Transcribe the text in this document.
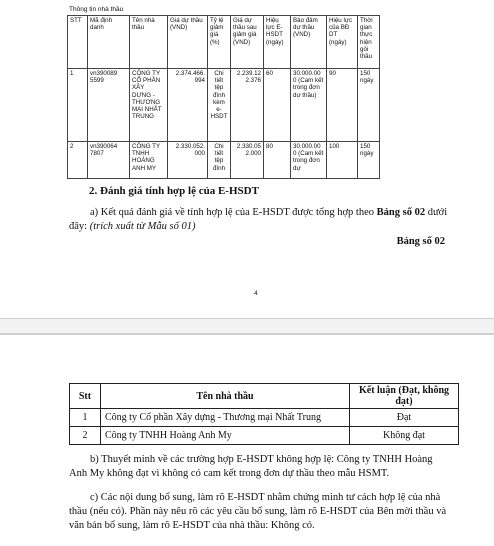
Thông tin nhà thầu
STT	Mã định danh	Tên nhà thầu	Giá dự thầu (VND)	Tỷ lệ giảm giá (%)	Giá dự thầu sau giảm giá (VND)	Hiệu lực E-HSDT (ngày)	Bảo đảm dự thầu (VND)	Hiệu lực của BĐ DT (ngày)	Thời gian thực hiện gói thầu
1	vn390089 5599	CÔNG TY CỔ PHẦN XÂY DỰNG - THƯƠNG MẠI NHẤT TRUNG	2.374.466. 994	Chi tiết tệp đính kèm e-HSDT	2.239.12 2.376	60	30.000.00 0 (Cam kết trong đơn dự thầu)	90	150 ngày
2	vn390064 7807	CÔNG TY TNHH HOÀNG ANH MY	2.330.052. 000	Chi tiết tệp đính	2.330.05 2.000	80	30.000.00 0 (Cam kết trong đơn dự	100	150 ngày
2. Đánh giá tính hợp lệ của E-HSDT
a) Kết quả đánh giá về tính hợp lệ của E-HSDT được tổng hợp theo Bảng số 02 dưới đây: (trích xuất từ Mẫu số 01)
Bảng số 02
4
Stt	Tên nhà thầu	Kết luận (Đạt, không đạt)
1	Công ty Cổ phần Xây dựng - Thương mại Nhất Trung	Đạt
2	Công ty TNHH Hoàng Anh My	Không đạt
b) Thuyết minh về các trường hợp E-HSDT không hợp lệ: Công ty TNHH Hoàng Anh My không đạt vì không có cam kết trong đơn dự thầu theo mẫu HSMT.
c) Các nội dung bổ sung, làm rõ E-HSDT nhằm chứng minh tư cách hợp lệ của nhà thầu (nếu có). Phần này nêu rõ các yêu cầu bổ sung, làm rõ E-HSDT của Bên mời thầu và văn bản bổ sung, làm rõ E-HSDT của nhà thầu: Không có.
